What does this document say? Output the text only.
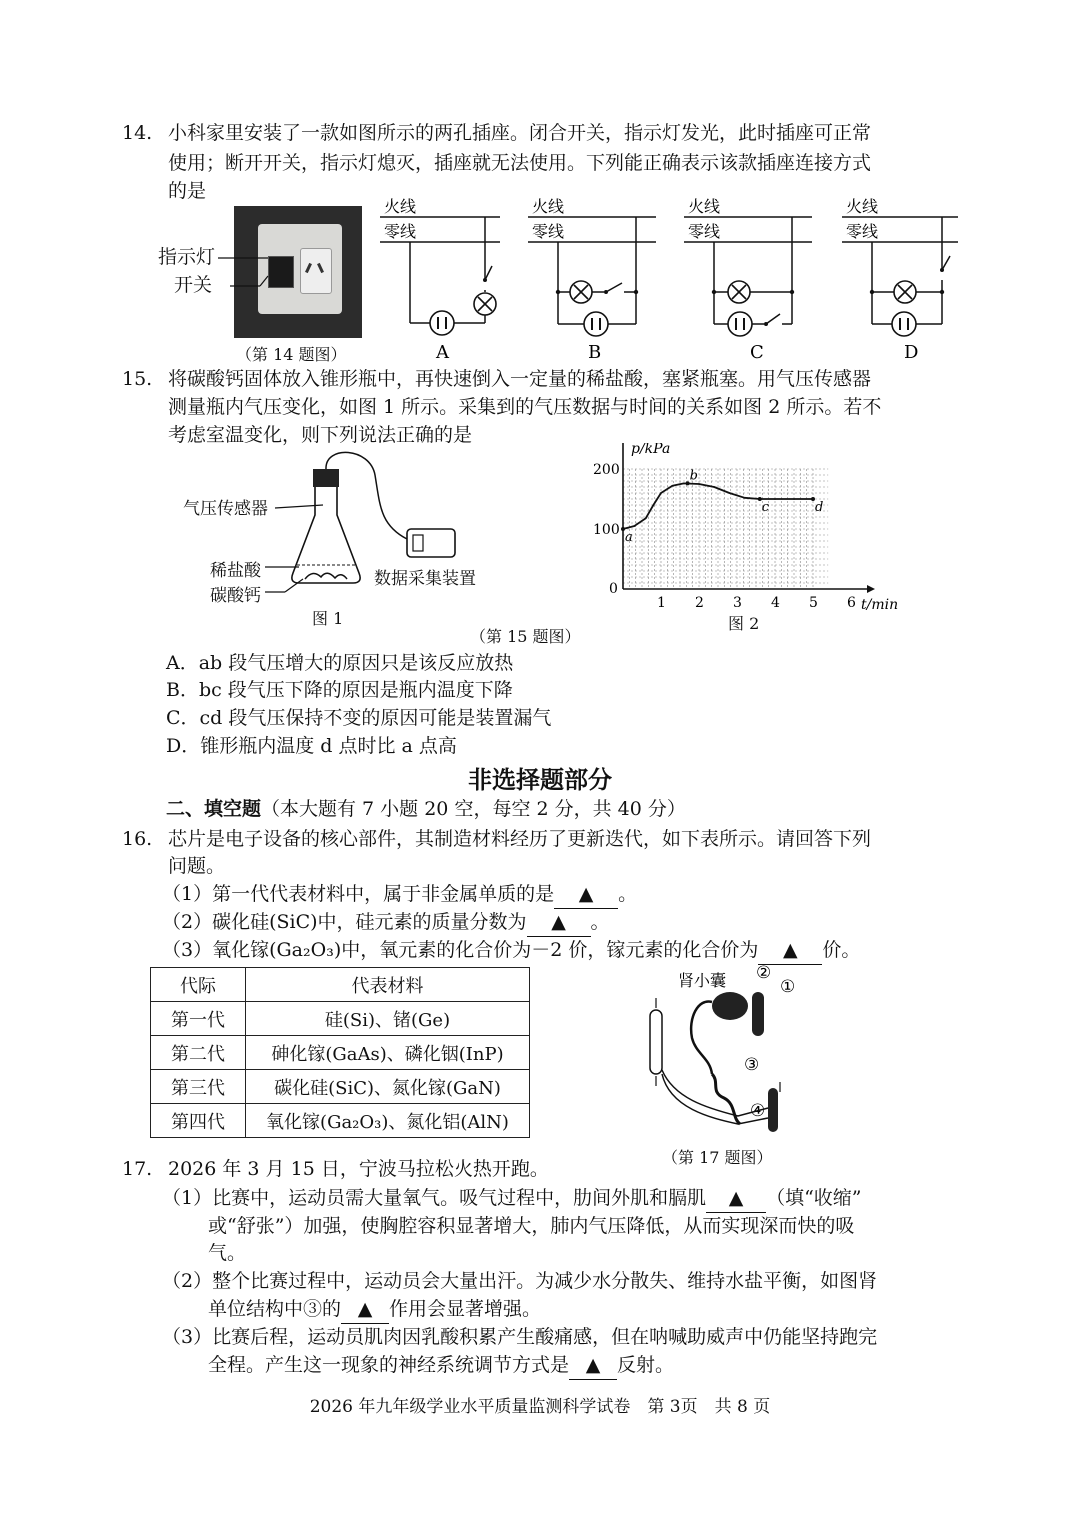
14. 小科家里安装了一款如图所示的两孔插座。闭合开关，指示灯发光，此时插座可正常
使用；断开开关，指示灯熄灭，插座就无法使用。下列能正确表示该款插座连接方式
的是
指示灯
开关
（第 14 题图）
火线
零线
A
火线
零线
B
火线
零线
C
火线
零线
D
15. 将碳酸钙固体放入锥形瓶中，再快速倒入一定量的稀盐酸，塞紧瓶塞。用气压传感器
测量瓶内气压变化，如图 1 所示。采集到的气压数据与时间的关系如图 2 所示。若不
考虑室温变化，则下列说法正确的是
气压传感器
稀盐酸
碳酸钙
数据采集装置
图 1
1 2 3 4 5 6
0
100
200
p/kPa
t/min
a
b
c	d
图 2
（第 15 题图）
A．ab 段气压增大的原因只是该反应放热
B．bc 段气压下降的原因是瓶内温度下降
C．cd 段气压保持不变的原因可能是装置漏气
D．锥形瓶内温度 d 点时比 a 点高
非选择题部分
二、填空题（本大题有 7 小题 20 空，每空 2 分，共 40 分）
16. 芯片是电子设备的核心部件，其制造材料经历了更新迭代，如下表所示。请回答下列
问题。
（1）第一代代表材料中，属于非金属单质的是 ▲ 。
（2）碳化硅(SiC)中，硅元素的质量分数为 ▲ 。
（3）氧化镓(Ga₂O₃)中，氧元素的化合价为－2 价，镓元素的化合价为 ▲ 价。
代际	代表材料
第一代	硅(Si)、锗(Ge)
第二代	砷化镓(GaAs)、磷化铟(InP)
第三代	碳化硅(SiC)、氮化镓(GaN)
第四代	氧化镓(Ga₂O₃)、氮化铝(AlN)
肾小囊 ②
①
③
④
（第 17 题图）
17. 2026 年 3 月 15 日，宁波马拉松火热开跑。
（1）比赛中，运动员需大量氧气。吸气过程中，肋间外肌和膈肌 ▲ （填“收缩”
或“舒张”）加强，使胸腔容积显著增大，肺内气压降低，从而实现深而快的吸
气。
（2）整个比赛过程中，运动员会大量出汗。为减少水分散失、维持水盐平衡，如图肾
单位结构中③的 ▲ 作用会显著增强。
（3）比赛后程，运动员肌肉因乳酸积累产生酸痛感，但在呐喊助威声中仍能坚持跑完
全程。产生这一现象的神经系统调节方式是 ▲ 反射。
2026 年九年级学业水平质量监测科学试卷　第 3页　共 8 页
